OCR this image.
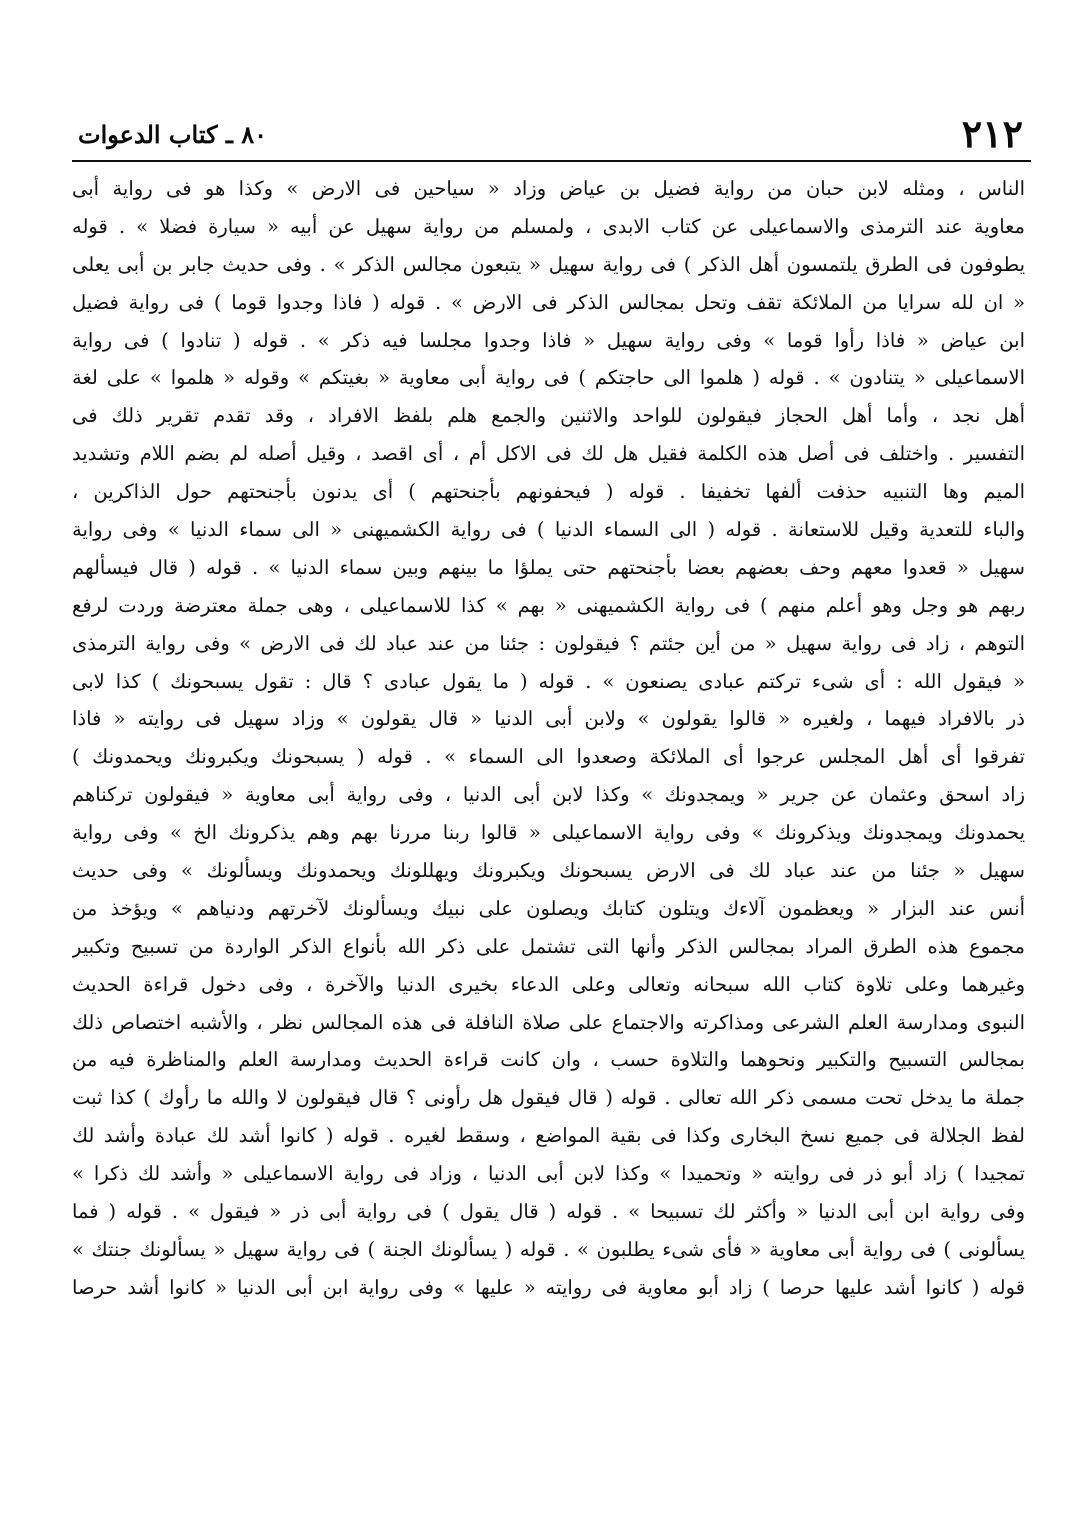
٢١٢
٨٠ ـ كتاب الدعوات
الناس ، ومثله لابن حبان من رواية فضيل بن عياض وزاد « سياحين فى الارض » وكذا هو فى رواية أبى
معاوية عند الترمذى والاسماعيلى عن كتاب الابدى ، ولمسلم من رواية سهيل عن أبيه « سيارة فضلا » . قوله
يطوفون فى الطرق يلتمسون أهل الذكر ) فى رواية سهيل « يتبعون مجالس الذكر » . وفى حديث جابر بن أبى يعلى
« ان لله سرايا من الملائكة تقف وتحل بمجالس الذكر فى الارض » . قوله ( فاذا وجدوا قوما ) فى رواية فضيل
ابن عياض « فاذا رأوا قوما » وفى رواية سهيل « فاذا وجدوا مجلسا فيه ذكر » . قوله ( تنادوا ) فى رواية
الاسماعيلى « يتنادون » . قوله ( هلموا الى حاجتكم ) فى رواية أبى معاوية « بغيتكم » وقوله « هلموا » على لغة
أهل نجد ، وأما أهل الحجاز فيقولون للواحد والاثنين والجمع هلم بلفظ الافراد ، وقد تقدم تقرير ذلك فى
التفسير . واختلف فى أصل هذه الكلمة فقيل هل لك فى الاكل أم ، أى اقصد ، وقيل أصله لم بضم اللام وتشديد
الميم وها التنبيه حذفت ألفها تخفيفا . قوله ( فيحفونهم بأجنحتهم ) أى يدنون بأجنحتهم حول الذاكرين ،
والباء للتعدية وقيل للاستعانة . قوله ( الى السماء الدنيا ) فى رواية الكشميهنى « الى سماء الدنيا » وفى رواية
سهيل « قعدوا معهم وحف بعضهم بعضا بأجنحتهم حتى يملؤا ما بينهم وبين سماء الدنيا » . قوله ( قال فيسألهم
ربهم هو وجل وهو أعلم منهم ) فى رواية الكشميهنى « بهم » كذا للاسماعيلى ، وهى جملة معترضة وردت لرفع
التوهم ، زاد فى رواية سهيل « من أين جئتم ؟ فيقولون : جئنا من عند عباد لك فى الارض » وفى رواية الترمذى
« فيقول الله : أى شىء تركتم عبادى يصنعون » . قوله ( ما يقول عبادى ؟ قال : تقول يسبحونك ) كذا لابى
ذر بالافراد فيهما ، ولغيره « قالوا يقولون » ولابن أبى الدنيا « قال يقولون » وزاد سهيل فى روايته « فاذا
تفرقوا أى أهل المجلس عرجوا أى الملائكة وصعدوا الى السماء » . قوله ( يسبحونك ويكبرونك ويحمدونك )
زاد اسحق وعثمان عن جرير « ويمجدونك » وكذا لابن أبى الدنيا ، وفى رواية أبى معاوية « فيقولون تركناهم
يحمدونك ويمجدونك ويذكرونك » وفى رواية الاسماعيلى « قالوا ربنا مررنا بهم وهم يذكرونك الخ » وفى رواية
سهيل « جئنا من عند عباد لك فى الارض يسبحونك ويكبرونك ويهللونك ويحمدونك ويسألونك » وفى حديث
أنس عند البزار « ويعظمون آلاءك ويتلون كتابك ويصلون على نبيك ويسألونك لآخرتهم ودنياهم » ويؤخذ من
مجموع هذه الطرق المراد بمجالس الذكر وأنها التى تشتمل على ذكر الله بأنواع الذكر الواردة من تسبيح وتكبير
وغيرهما وعلى تلاوة كتاب الله سبحانه وتعالى وعلى الدعاء بخيرى الدنيا والآخرة ، وفى دخول قراءة الحديث
النبوى ومدارسة العلم الشرعى ومذاكرته والاجتماع على صلاة النافلة فى هذه المجالس نظر ، والأشبه اختصاص ذلك
بمجالس التسبيح والتكبير ونحوهما والتلاوة حسب ، وان كانت قراءة الحديث ومدارسة العلم والمناظرة فيه من
جملة ما يدخل تحت مسمى ذكر الله تعالى . قوله ( قال فيقول هل رأونى ؟ قال فيقولون لا والله ما رأوك ) كذا ثبت
لفظ الجلالة فى جميع نسخ البخارى وكذا فى بقية المواضع ، وسقط لغيره . قوله ( كانوا أشد لك عبادة وأشد لك
تمجيدا ) زاد أبو ذر فى روايته « وتحميدا » وكذا لابن أبى الدنيا ، وزاد فى رواية الاسماعيلى « وأشد لك ذكرا »
وفى رواية ابن أبى الدنيا « وأكثر لك تسبيحا » . قوله ( قال يقول ) فى رواية أبى ذر « فيقول » . قوله ( فما
يسألونى ) فى رواية أبى معاوية « فأى شىء يطلبون » . قوله ( يسألونك الجنة ) فى رواية سهيل « يسألونك جنتك »
قوله ( كانوا أشد عليها حرصا ) زاد أبو معاوية فى روايته « عليها » وفى رواية ابن أبى الدنيا « كانوا أشد حرصا
